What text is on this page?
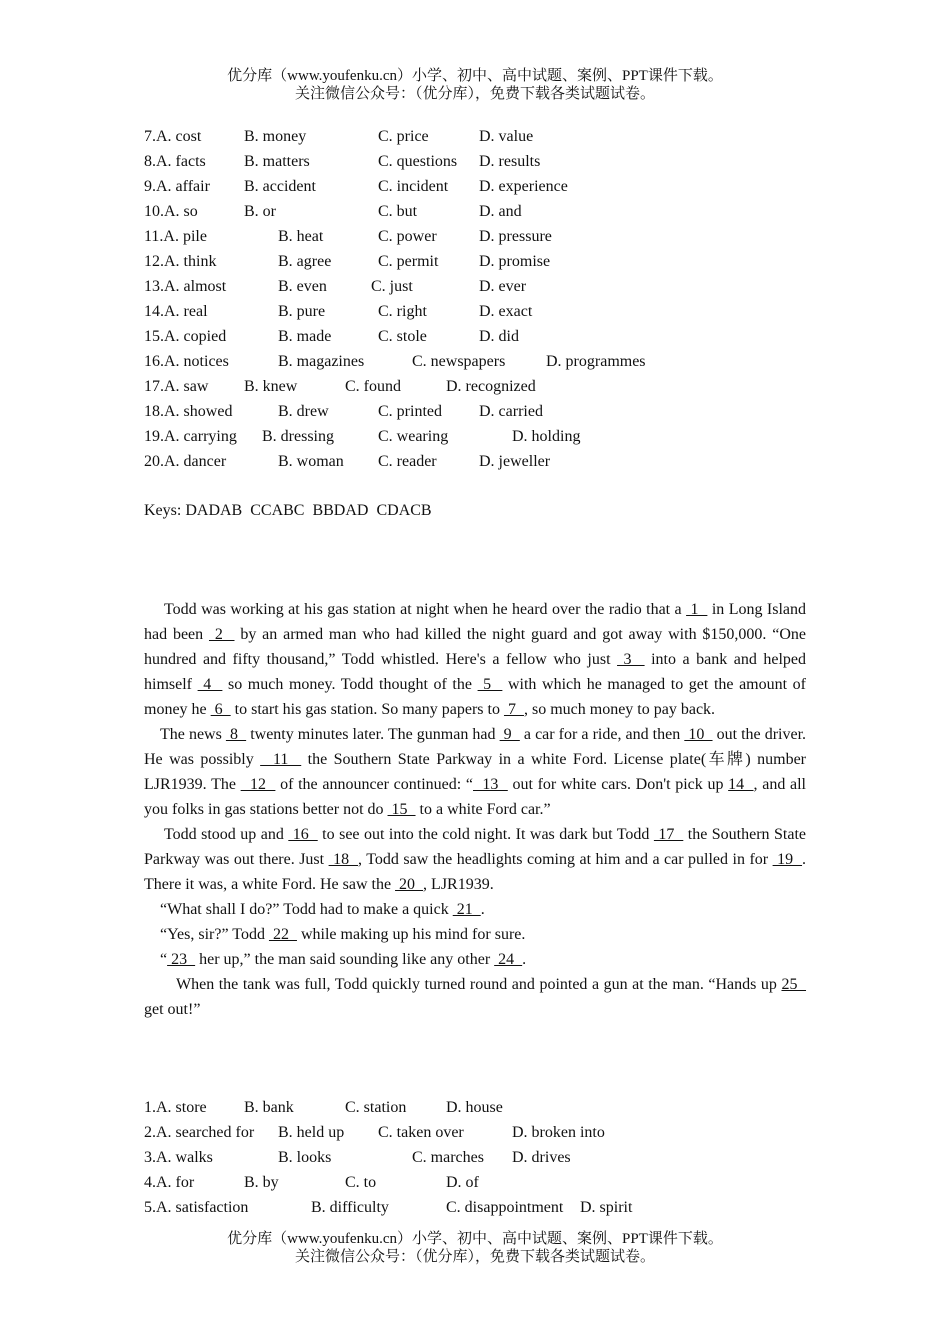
优分库（www.youfenku.cn）小学、初中、高中试题、案例、PPT课件下载。
关注微信公众号：（优分库），免费下载各类试题试卷。
7.A. cost	B. money	C. price	D. value
8.A. facts B. matters	C. questions D. results
9.A. affair B. accident	C. incident D. experience
10.A. so	B. or	C. but	D. and
11.A. pile	B. heat	C. power	D. pressure
12.A. think	B. agree	C. permit	D. promise
13.A. almost	B. even	C. just	D. ever
14.A. real	B. pure	C. right	D. exact
15.A. copied	B. made	C. stole	D. did
16.A. notices	B. magazines	C. newspapers	D. programmes
17.A. saw B. knew	C. found	D. recognized
18.A. showed	B. drew	C. printed D. carried
19.A. carrying B. dressing	C. wearing	D. holding
20.A. dancer	B. woman C. reader	D. jeweller
Keys: DADAB  CCABC  BBDAD  CDACB

Todd was working at his gas station at night when he heard over the radio that a  1   in Long Island had been  2   by an armed man who had killed the night guard and got away with $150,000. “One hundred and fifty thousand,” Todd whistled. Here's a fellow who just  3   into a bank and helped himself  4   so much money. Todd thought of the  5   with which he managed to get the amount of money he  6   to start his gas station. So many papers to  7  , so much money to pay back.

The news  8   twenty minutes later. The gunman had  9   a car for a ride, and then  10   out the driver. He was possibly   11   the Southern State Parkway in a white Ford. License plate(车牌) number LJR1939. The   12   of the announcer continued: “  13   out for white cars. Don't pick up 14  , and all you folks in gas stations better not do  15   to a white Ford car.”

Todd stood up and  16   to see out into the cold night. It was dark but Todd  17   the Southern State Parkway was out there. Just  18  , Todd saw the headlights coming at him and a car pulled in for  19  . There it was, a white Ford. He saw the  20  , LJR1939.

“What shall I do?” Todd had to make a quick  21  .

“Yes, sir?” Todd  22   while making up his mind for sure.

“ 23   her up,” the man said sounding like any other  24  .

When the tank was full, Todd quickly turned round and pointed a gun at the man. “Hands up 25   get out!”

1.A. store B. bank	C. station D. house
2.A. searched for B. held up C. taken over	D. broken into
3.A. walks	B. looks	C. marches D. drives
4.A. for	B. by	C. to	D. of
5.A. satisfaction	B. difficulty	C. disappointment D. spirit
优分库（www.youfenku.cn）小学、初中、高中试题、案例、PPT课件下载。
关注微信公众号：（优分库），免费下载各类试题试卷。
